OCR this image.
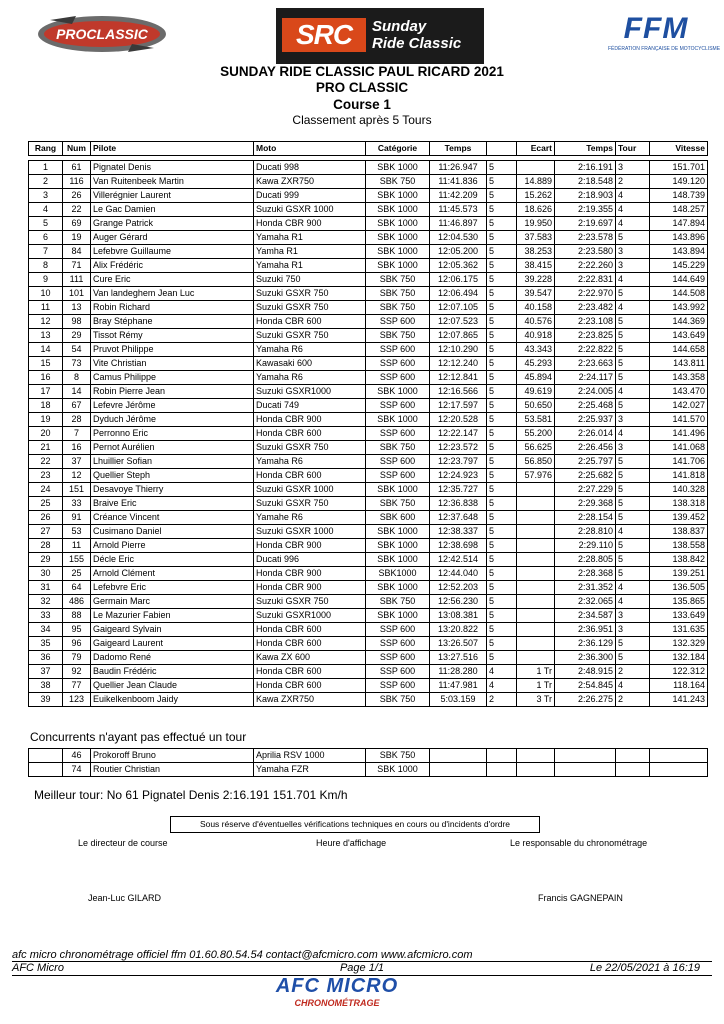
PROCLASSIC	SRC	Sunday
Ride Classic	FFM
FÉDÉRATION FRANÇAISE DE MOTOCYCLISME
SUNDAY RIDE CLASSIC PAUL RICARD 2021
PRO CLASSIC
Course 1
Classement après 5 Tours
Rang	Num	Pilote	Moto	Catégorie	Temps		Ecart	Temps	Tour	Vitesse

1	61	Pignatel Denis	Ducati 998	SBK 1000	11:26.947	5		2:16.191	3	151.701
2	116	Van Ruitenbeek Martin	Kawa ZXR750	SBK 750	11:41.836	5	14.889	2:18.548	2	149.120
3	26	Villerégnier Laurent	Ducati 999	SBK 1000	11:42.209	5	15.262	2:18.903	4	148.739
4	22	Le Gac Damien	Suzuki GSXR 1000	SBK 1000	11:45.573	5	18.626	2:19.355	4	148.257
5	69	Grange Patrick	Honda CBR 900	SBK 1000	11:46.897	5	19.950	2:19.697	4	147.894
6	19	Auger Gérard	Yamaha R1	SBK 1000	12:04.530	5	37.583	2:23.578	5	143.896
7	84	Lefebvre Guillaume	Yamha R1	SBK 1000	12:05.200	5	38.253	2:23.580	3	143.894
8	71	Alix Frédéric	Yamaha R1	SBK 1000	12:05.362	5	38.415	2:22.260	3	145.229
9	111	Cure Eric	Suzuki 750	SBK 750	12:06.175	5	39.228	2:22.831	4	144.649
10	101	Van landeghem Jean Luc	Suzuki GSXR 750	SBK 750	12:06.494	5	39.547	2:22.970	5	144.508
11	13	Robin Richard	Suzuki GSXR 750	SBK 750	12:07.105	5	40.158	2:23.482	4	143.992
12	98	Bray Stéphane	Honda CBR 600	SSP 600	12:07.523	5	40.576	2:23.108	5	144.369
13	29	Tissot Rémy	Suzuki GSXR 750	SBK 750	12:07.865	5	40.918	2:23.825	5	143.649
14	54	Pruvot Philippe	Yamaha R6	SSP 600	12:10.290	5	43.343	2:22.822	5	144.658
15	73	Vite Christian	Kawasaki 600	SSP 600	12:12.240	5	45.293	2:23.663	5	143.811
16	8	Camus Philippe	Yamaha R6	SSP 600	12:12.841	5	45.894	2:24.117	5	143.358
17	14	Robin Pierre Jean	Suzuki GSXR1000	SBK 1000	12:16.566	5	49.619	2:24.005	4	143.470
18	67	Lefevre Jérôme	Ducati 749	SSP 600	12:17.597	5	50.650	2:25.468	5	142.027
19	28	Dyduch Jérôme	Honda CBR 900	SBK 1000	12:20.528	5	53.581	2:25.937	3	141.570
20	7	Perronno Eric	Honda CBR 600	SSP 600	12:22.147	5	55.200	2:26.014	4	141.496
21	16	Pernot Aurélien	Suzuki GSXR 750	SBK 750	12:23.572	5	56.625	2:26.456	3	141.068
22	37	Lhuillier Sofian	Yamaha R6	SSP 600	12:23.797	5	56.850	2:25.797	5	141.706
23	12	Quellier Steph	Honda CBR 600	SSP 600	12:24.923	5	57.976	2:25.682	5	141.818
24	151	Desavoye Thierry	Suzuki GSXR 1000	SBK 1000	12:35.727	5		2:27.229	5	140.328
25	33	Braive Eric	Suzuki GSXR 750	SBK 750	12:36.838	5		2:29.368	5	138.318
26	91	Créance Vincent	Yamahe R6	SBK 600	12:37.648	5		2:28.154	5	139.452
27	53	Cusimano Daniel	Suzuki GSXR 1000	SBK 1000	12:38.337	5		2:28.810	4	138.837
28	11	Arnold Pierre	Honda CBR 900	SBK 1000	12:38.698	5		2:29.110	5	138.558
29	155	Décle Eric	Ducati 996	SBK 1000	12:42.514	5		2:28.805	5	138.842
30	25	Arnold Clément	Honda CBR 900	SBK1000	12:44.040	5		2:28.368	5	139.251
31	64	Lefebvre Eric	Honda CBR 900	SBK 1000	12:52.203	5		2:31.352	4	136.505
32	486	Germain Marc	Suzuki GSXR 750	SBK 750	12:56.230	5		2:32.065	4	135.865
33	88	Le Mazurier Fabien	Suzuki GSXR1000	SBK 1000	13:08.381	5		2:34.587	3	133.649
34	95	Gaigeard Sylvain	Honda CBR 600	SSP 600	13:20.822	5		2:36.951	3	131.635
35	96	Gaigeard Laurent	Honda CBR 600	SSP 600	13:26.507	5		2:36.129	5	132.329
36	79	Dadomo René	Kawa ZX 600	SSP 600	13:27.516	5		2:36.300	5	132.184
37	92	Baudin Frédéric	Honda CBR 600	SSP 600	11:28.280	4	1 Tr	2:48.915	2	122.312
38	77	Quellier Jean Claude	Honda CBR 600	SSP 600	11:47.981	4	1 Tr	2:54.845	4	118.164
39	123	Euikelkenboom Jaidy	Kawa ZXR750	SBK 750	5:03.159	2	3 Tr	2:26.275	2	141.243
Concurrents n'ayant pas effectué un tour
	46	Prokoroff Bruno	Aprilia RSV 1000	SBK 750						
	74	Routier Christian	Yamaha FZR	SBK 1000						
Meilleur tour: No 61 Pignatel Denis 2:16.191 151.701 Km/h
Sous réserve d'éventuelles vérifications techniques en cours ou d'incidents d'ordre
Le directeur de course	Heure d'affichage	Le responsable du chronométrage
Jean-Luc GILARD	Francis GAGNEPAIN
afc micro chronométrage officiel ffm 01.60.80.54.54 contact@afcmicro.com www.afcmicro.com
AFC Micro	Page 1/1	Le 22/05/2021 à 16:19
AFC MICRO
CHRONOMÉTRAGE
